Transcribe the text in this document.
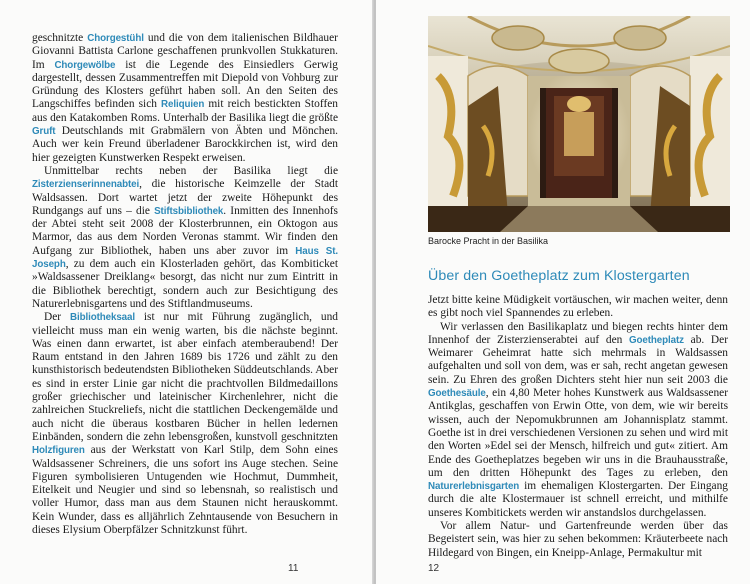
geschnitzte Chorgestühl und die von dem italienischen Bildhauer Giovanni Battista Carlone geschaffenen prunkvollen Stukkaturen. Im Chorgewölbe ist die Legende des Einsiedlers Gerwig dargestellt, dessen Zusammentreffen mit Diepold von Vohburg zur Gründung des Klosters geführt haben soll. An den Seiten des Langschiffes befinden sich Reliquien mit reich bestickten Stoffen aus den Katakomben Roms. Unterhalb der Basilika liegt die größte Gruft Deutschlands mit Grabmälern von Äbten und Mönchen. Auch wer kein Freund überladener Barockkirchen ist, wird den hier gezeigten Kunstwerken Respekt erweisen.

Unmittelbar rechts neben der Basilika liegt die Zisterzienserinnenabtei, die historische Keimzelle der Stadt Waldsassen. Dort wartet jetzt der zweite Höhepunkt des Rundgangs auf uns – die Stiftsbibliothek. Inmitten des Innenhofs der Abtei steht seit 2008 der Klosterbrunnen, ein Oktogon aus Marmor, das aus dem Norden Veronas stammt. Wir finden den Aufgang zur Bibliothek, haben uns aber zuvor im Haus St. Joseph, zu dem auch ein Klosterladen gehört, das Kombiticket »Waldsassener Dreiklang« besorgt, das nicht nur zum Eintritt in die Bibliothek berechtigt, sondern auch zur Besichtigung des Naturerlebnisgartens und des Stiftlandmuseums.

Der Bibliotheksaal ist nur mit Führung zugänglich, und vielleicht muss man ein wenig warten, bis die nächste beginnt. Was einen dann erwartet, ist aber einfach atemberaubend! Der Raum entstand in den Jahren 1689 bis 1726 und zählt zu den kunsthistorisch bedeutendsten Bibliotheken Süddeutschlands. Aber es sind in erster Linie gar nicht die prachtvollen Bildmedaillons großer griechischer und lateinischer Kirchenlehrer, nicht die zahlreichen Stuckreliefs, nicht die stattlichen Deckengemälde und auch nicht die überaus kostbaren Bücher in hellen ledernen Einbänden, sondern die zehn lebensgroßen, kunstvoll geschnitzten Holzfiguren aus der Werkstatt von Karl Stilp, dem Sohn eines Waldsassener Schreiners, die uns sofort ins Auge stechen. Seine Figuren symbolisieren Untugenden wie Hochmut, Dummheit, Eitelkeit und Neugier und sind so lebensnah, so realistisch und voller Humor, dass man aus dem Staunen nicht herauskommt. Kein Wunder, dass es alljährlich Zehntausende von Besuchern in dieses Elysium Oberpfälzer Schnitzkunst führt.

11
Barocke Pracht in der Basilika
Über den Goetheplatz zum Klostergarten

Jetzt bitte keine Müdigkeit vortäuschen, wir machen weiter, denn es gibt noch viel Spannendes zu erleben.

Wir verlassen den Basilikaplatz und biegen rechts hinter dem Innenhof der Zisterzienserabtei auf den Goetheplatz ab. Der Weimarer Geheimrat hatte sich mehrmals in Waldsassen aufgehalten und soll von dem, was er sah, recht angetan gewesen sein. Zu Ehren des großen Dichters steht hier nun seit 2003 die Goethesäule, ein 4,80 Meter hohes Kunstwerk aus Waldsassener Antikglas, geschaffen von Erwin Otte, von dem, wie wir bereits wissen, auch der Nepomukbrunnen am Johannisplatz stammt. Goethe ist in drei verschiedenen Versionen zu sehen und wird mit den Worten »Edel sei der Mensch, hilfreich und gut« zitiert. Am Ende des Goetheplatzes begeben wir uns in die Brauhausstraße, um den dritten Höhepunkt des Tages zu erleben, den Naturerlebnisgarten im ehemaligen Klostergarten. Der Eingang durch die alte Klostermauer ist schnell erreicht, und mithilfe unseres Kombitickets werden wir anstandslos durchgelassen.

Vor allem Natur- und Gartenfreunde werden über das Begeistert sein, was hier zu sehen bekommen: Kräuterbeete nach Hildegard von Bingen, ein Kneipp-Anlage, Permakultur mit

12
